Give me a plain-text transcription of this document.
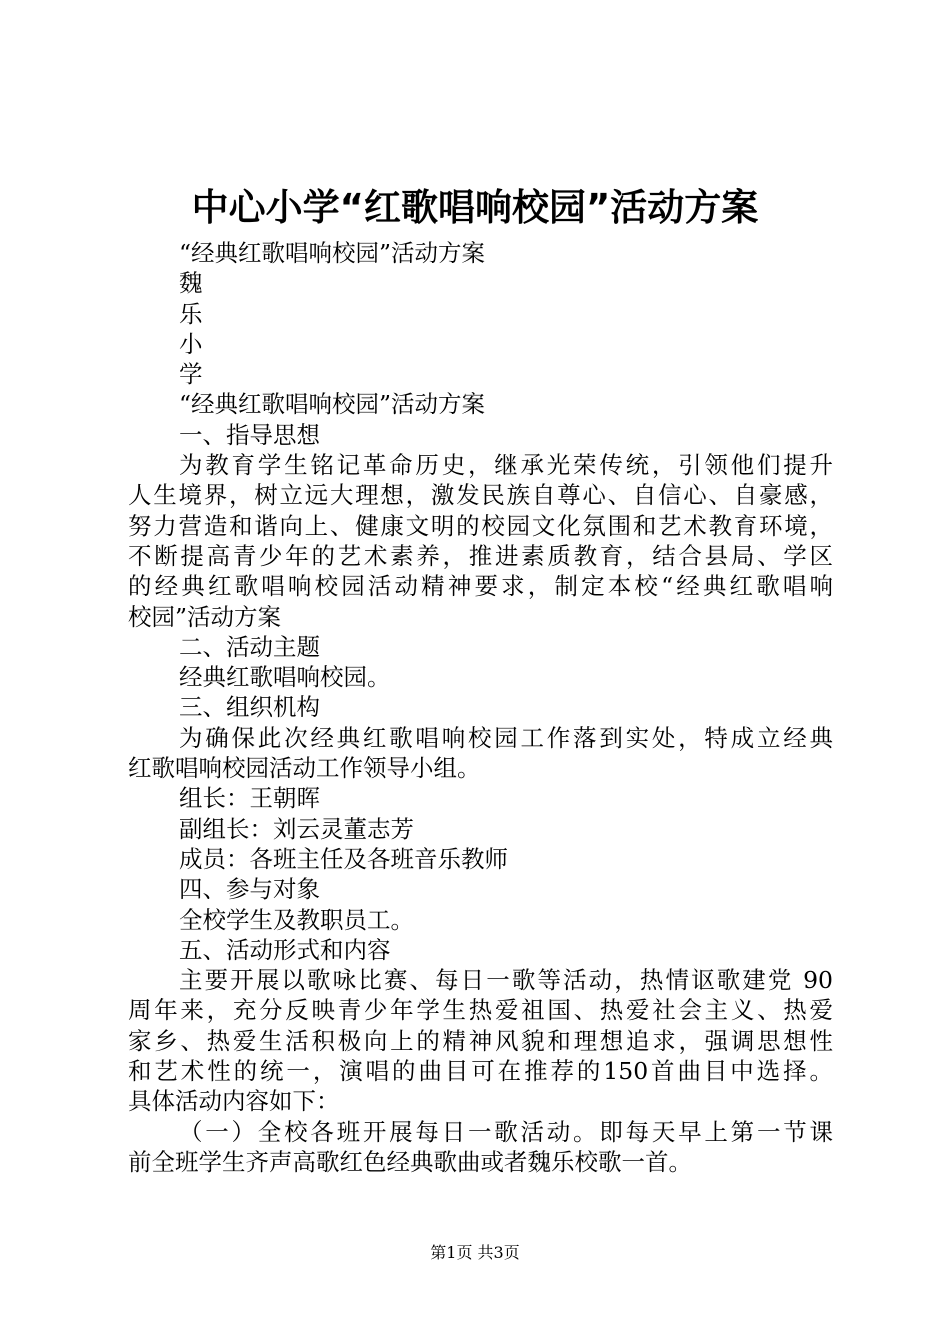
中心小学“红歌唱响校园”活动方案
“经典红歌唱响校园”活动方案
魏
乐
小
学
“经典红歌唱响校园”活动方案
一、指导思想
为教育学生铭记革命历史，继承光荣传统，引领他们提升
人生境界，树立远大理想，激发民族自尊心、自信心、自豪感，
努力营造和谐向上、健康文明的校园文化氛围和艺术教育环境，
不断提高青少年的艺术素养，推进素质教育，结合县局、学区
的经典红歌唱响校园活动精神要求，制定本校“经典红歌唱响
校园”活动方案
二、活动主题
经典红歌唱响校园。
三、组织机构
为确保此次经典红歌唱响校园工作落到实处，特成立经典
红歌唱响校园活动工作领导小组。
组长：王朝晖
副组长：刘云灵董志芳
成员：各班主任及各班音乐教师
四、参与对象
全校学生及教职员工。
五、活动形式和内容
主要开展以歌咏比赛、每日一歌等活动，热情讴歌建党 90
周年来，充分反映青少年学生热爱祖国、热爱社会主义、热爱
家乡、热爱生活积极向上的精神风貌和理想追求，强调思想性
和艺术性的统一，演唱的曲目可在推荐的150首曲目中选择。
具体活动内容如下：
（一）全校各班开展每日一歌活动。即每天早上第一节课
前全班学生齐声高歌红色经典歌曲或者魏乐校歌一首。
第1页 共3页
